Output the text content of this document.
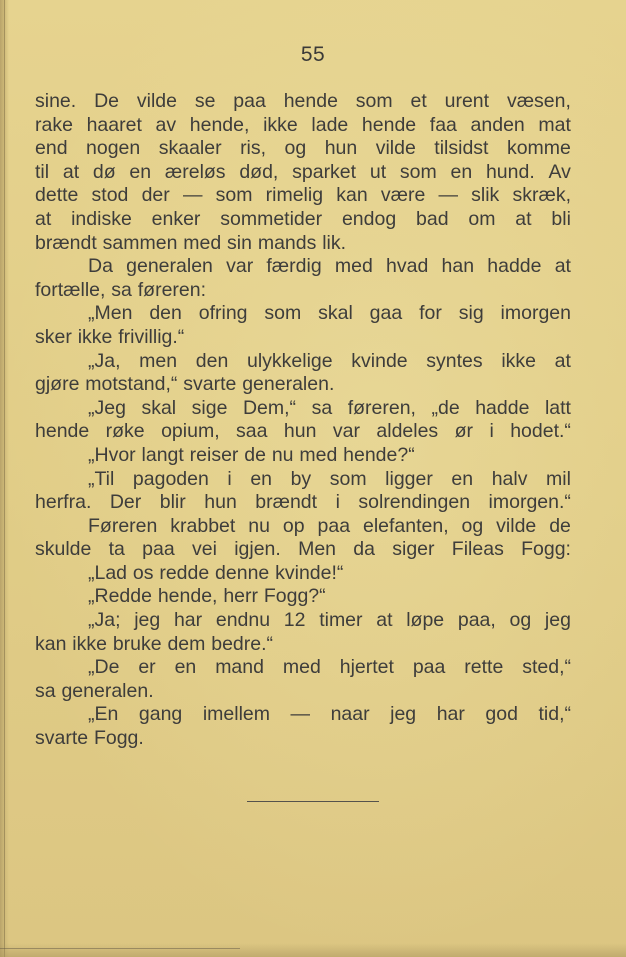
55
sine. De vilde se paa hende som et urent væsen,
rake haaret av hende, ikke lade hende faa anden mat
end nogen skaaler ris, og hun vilde tilsidst komme
til at dø en æreløs død, sparket ut som en hund. Av
dette stod der — som rimelig kan være — slik skræk,
at indiske enker sommetider endog bad om at bli
brændt sammen med sin mands lik.
Da generalen var færdig med hvad han hadde at
fortælle, sa føreren:
„Men den ofring som skal gaa for sig imorgen
sker ikke frivillig.“
„Ja, men den ulykkelige kvinde syntes ikke at
gjøre motstand,“ svarte generalen.
„Jeg skal sige Dem,“ sa føreren, „de hadde latt
hende røke opium, saa hun var aldeles ør i hodet.“
„Hvor langt reiser de nu med hende?“
„Til pagoden i en by som ligger en halv mil
herfra. Der blir hun brændt i solrendingen imorgen.“
Føreren krabbet nu op paa elefanten, og vilde de
skulde ta paa vei igjen. Men da siger Fileas Fogg:
„Lad os redde denne kvinde!“
„Redde hende, herr Fogg?“
„Ja; jeg har endnu 12 timer at løpe paa, og jeg
kan ikke bruke dem bedre.“
„De er en mand med hjertet paa rette sted,“
sa generalen.
„En gang imellem — naar jeg har god tid,“
svarte Fogg.
